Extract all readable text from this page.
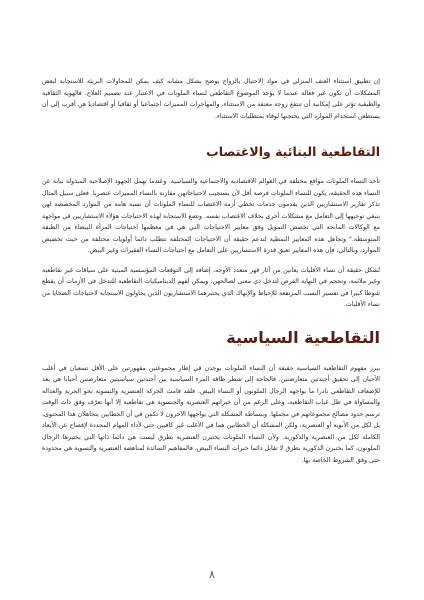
إن تطبيق استثناء العنف المنزلي في مواد الاحتيال بالزواج يوضح بشكل مشابه كيف يمكن للمحاولات البريئة للاستجابة لبعض المشكلات أن تكون غير فعالة عندما لا يؤخذ الموضوع التقاطعي لنساء الملونات في الاعتبار عند تصميم العلاج. فالهوية الثقافية والطبقية تؤثر على إمكانية أن تنتفع زوجة معنفة من الاستثناء، والمهاجرات المميزات اجتماعيا أو ثقافيا أو اقتصاديا هن أقرب إلى أن يستطعن استخدام الموارد التي يحتجنها لوفاء بمتطلبات الاستثناء.

التقاطعية البنائية والاغتصاب

تأخذ النساء الملونات مواقع مختلفة في العوالم الاقتصادية والاجتماعية والسياسية. وعندما تهمل الجهود الإصلاحية المبذولة نيابة عن النساء هذه الحقيقة، يكون للنساء الملونات فرصة أقل لأن يستجيب لاحتياجاتهن مقارنة بالنساء المميزات عنصريا. فعلى سبيل المثال تذكر تقارير الاستشاريين الذين يقدمون خدمات تخطي أزمة الاغتصاب للنساء الملونات أن نسبة هامة من الموارد المخصصة لهن ينبغي توجيهها إلى التعامل مع مشكلات أخرى بخلاف الاغتصاب نفسه. وتضع الاستجابة لهذه الاحتياجات هؤلاء الاستشاريين في مواجهة مع الوكالات المانحة التي تخصص التمويل وفق معايير الاحتياجات التي هي في معظمها احتياجات المرأة البيضاء من الطبقة المتوسطة." وتجاهل هذه المعايير النمطية لتدعم حقيقة أن الاحتياجات المختلفة تتطلب دائما أولويات مختلفة من حيث تخصيص الموارد، وبالتالي، فإن هذه المعايير تعيق قدرة الاستشاريين على التعامل مع احتياجات النساء الفقيرات وغير البيض.

تُشكل حقيقة أن نساء الأقليات يعانين من آثار قهر متعدد الأوجه، إضافة إلى التوقعات المؤسسية المبنية على سياقات غير تقاطعية وغير ملائمة، وتحجم في النهاية الفرص لتدخل ذي معنى لصالحهن. ويمكن لفهم الديناميكيات التقاطعية للتدخل في الأزمات أن يقطع شوطا كبيرا في تفسير النسب المرتفعة للإحباط والإنهاك الذي يختبرهما الاستشاريون الذين يحاولون الاستجابة لاحتياجات الضحايا من نساء الأقليات.

التقاطعية السياسية

يبرز مفهوم التقاطعية السياسية حقيقة أن النساء الملونات يوجدن في إطار مجموعتين مقهورتين على الأقل تسعيان في أغلب الأحيان إلى تحقيق أجندتين متعارضتين. فالحاجة إلى شطر طاقة المرء السياسية بين أجندتين سياسيتين متعارضتين أحيانا هي بعد للإضعاف التقاطعي نادرا ما يواجهه الرجال الملونون أو النساء البيض. فلقد قامت الحركة العنصرية والنسوية نحو الحرية والعدالة والمساواة في ظل غياب التقاطعية، وعلى الرغم من أن خبراتهم العنصرية والجنسوية هي تقاطعية إلا أنها تعرّف وفق ذات الوقت ترسم حدود مصالح مجموعاتهم في مجملها. وببساطة المشكلة التي يواجهها الآخرون لا تكمن في أن الخطابين يتجاهلان هذا المحتوى، بل لكل من الأبوية أو العنصرية، ولكن المشكلة أن الخطابين هما في الأغلب غير كافيين حتى لأداء المهام المحددة لإفصاح عن الأبعاد الكاملة لكل من العنصرية والذكورية. ولأن النساء الملونات يختبرن العنصرية بطرق ليست هي دائما ذاتها التي يختبرها الرجال الملونون، كما يختبرن الذكورية بطرق لا تقابل دائما خبرات النساء البيض، فالمفاهيم السائدة لمناهضة العنصرية والنسوية هي محدودة حتى وفق الشروط الخاصة بها.

٨
